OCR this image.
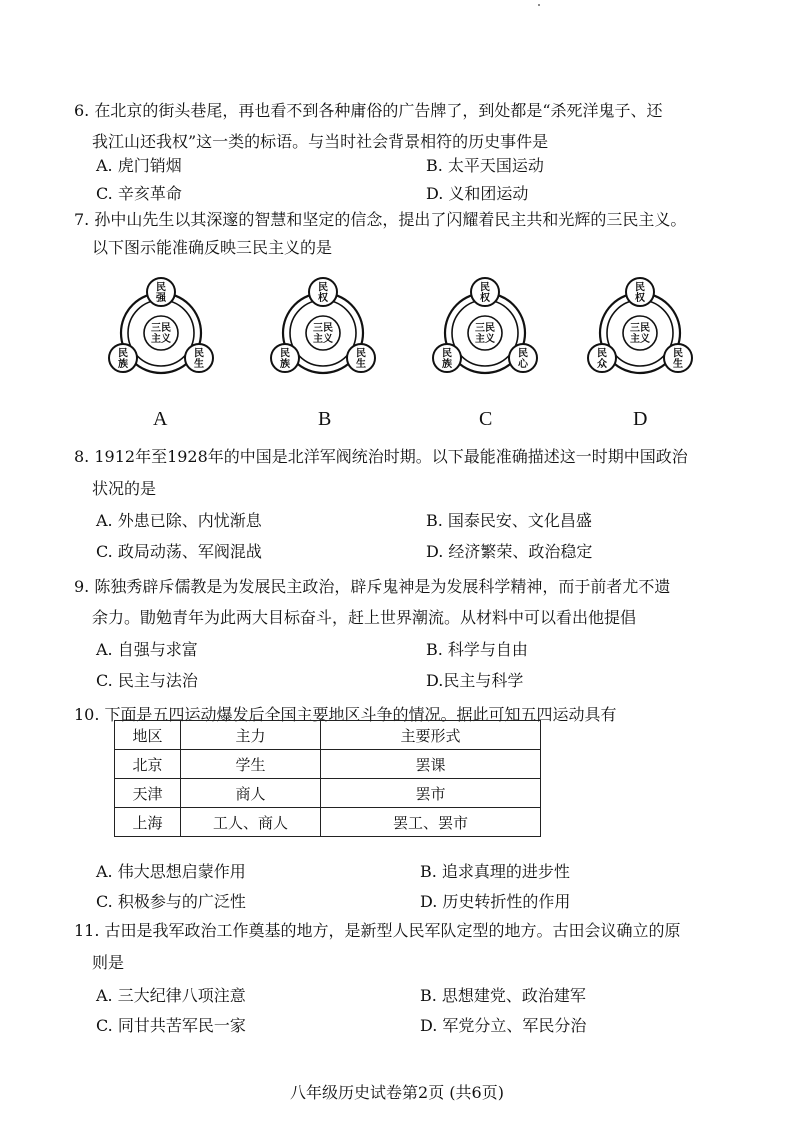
6. 在北京的街头巷尾，再也看不到各种庸俗的广告牌了，到处都是“杀死洋鬼子、还
我江山还我权”这一类的标语。与当时社会背景相符的历史事件是
A. 虎门销烟	B. 太平天国运动
C. 辛亥革命	D. 义和团运动
7. 孙中山先生以其深邃的智慧和坚定的信念，提出了闪耀着民主共和光辉的三民主义。
以下图示能准确反映三民主义的是
民
强
民
族
民
生
三民
主义
民
权
民
族
民
生
三民
主义
民
权
民
族
民
心
三民
主义
民
权
民
众
民
生
三民
主义
A	B	C	D
8. 1912年至1928年的中国是北洋军阀统治时期。以下最能准确描述这一时期中国政治
状况的是
A. 外患已除、内忧渐息	B. 国泰民安、文化昌盛
C. 政局动荡、军阀混战	D. 经济繁荣、政治稳定
9. 陈独秀辟斥儒教是为发展民主政治，辟斥鬼神是为发展科学精神，而于前者尤不遗
余力。勖勉青年为此两大目标奋斗，赶上世界潮流。从材料中可以看出他提倡
A. 自强与求富	B. 科学与自由
C. 民主与法治	D.民主与科学
10. 下面是五四运动爆发后全国主要地区斗争的情况。据此可知五四运动具有
地区	主力	主要形式
北京	学生	罢课
天津	商人	罢市
上海	工人、商人	罢工、罢市
A. 伟大思想启蒙作用	B. 追求真理的进步性
C. 积极参与的广泛性	D. 历史转折性的作用
11. 古田是我军政治工作奠基的地方，是新型人民军队定型的地方。古田会议确立的原
则是
A. 三大纪律八项注意	B. 思想建党、政治建军
C. 同甘共苦军民一家	D. 军党分立、军民分治
八年级历史试卷第2页 (共6页)
